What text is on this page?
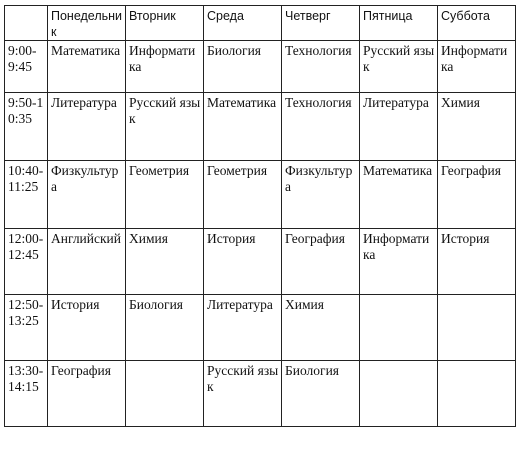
	Понедельник	Вторник	Среда	Четверг	Пятница	Суббота
9:00-9:45	Математика	Информатика	Биология	Технология	Русский язык	Информатика
9:50-10:35	Литература	Русский язык	Математика	Технология	Литература	Химия
10:40-11:25	Физкультура	Геометрия	Геометрия	Физкультура	Математика	География
12:00-12:45	Английский	Химия	История	География	Информатика	История
12:50-13:25	История	Биология	Литература	Химия		
13:30-14:15	География		Русский язык	Биология		
